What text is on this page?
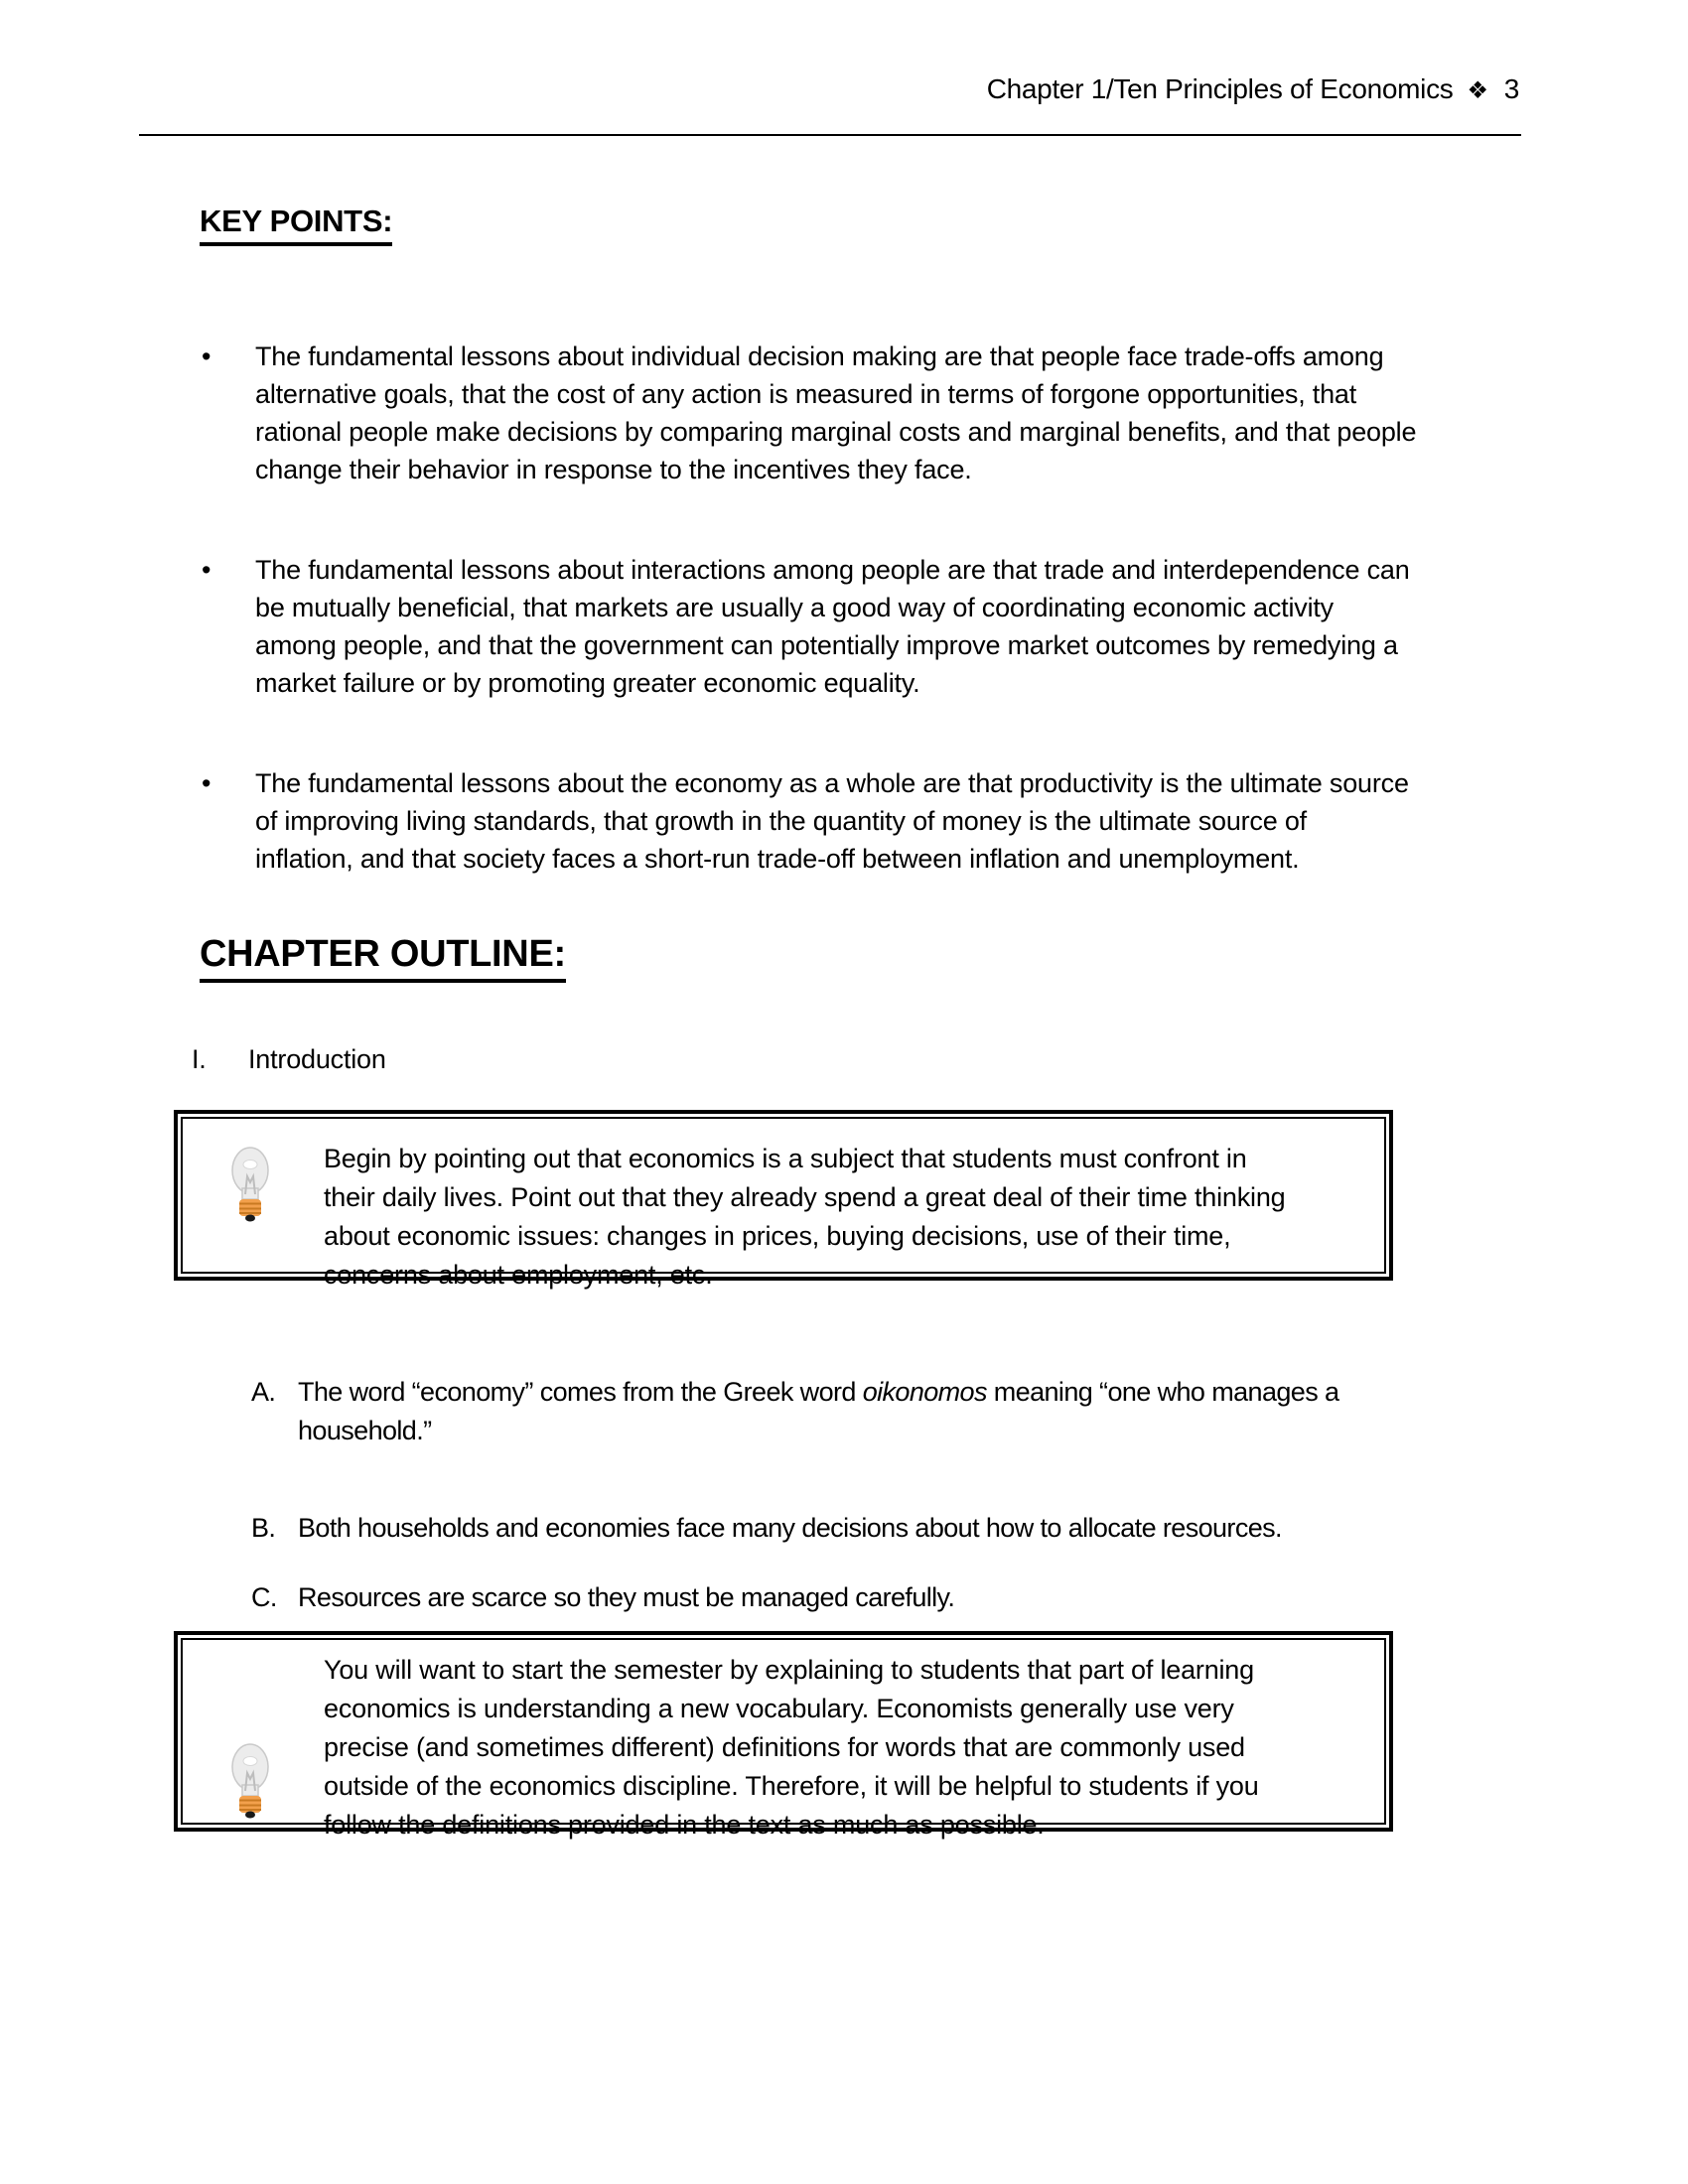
Chapter 1/Ten Principles of Economics ❖ 3
KEY POINTS:
•	The fundamental lessons about individual decision making are that people face trade-offs among
alternative goals, that the cost of any action is measured in terms of forgone opportunities, that
rational people make decisions by comparing marginal costs and marginal benefits, and that people
change their behavior in response to the incentives they face.
•	The fundamental lessons about interactions among people are that trade and interdependence can
be mutually beneficial, that markets are usually a good way of coordinating economic activity
among people, and that the government can potentially improve market outcomes by remedying a
market failure or by promoting greater economic equality.
•	The fundamental lessons about the economy as a whole are that productivity is the ultimate source
of improving living standards, that growth in the quantity of money is the ultimate source of
inflation, and that society faces a short-run trade-off between inflation and unemployment.
CHAPTER OUTLINE:
I.	Introduction
Begin by pointing out that economics is a subject that students must confront in
their daily lives. Point out that they already spend a great deal of their time thinking
about economic issues: changes in prices, buying decisions, use of their time,
concerns about employment, etc.
A. The word “economy” comes from the Greek word oikonomos meaning “one who manages a
household.”
B. Both households and economies face many decisions about how to allocate resources.
C. Resources are scarce so they must be managed carefully.
You will want to start the semester by explaining to students that part of learning
economics is understanding a new vocabulary. Economists generally use very
precise (and sometimes different) definitions for words that are commonly used
outside of the economics discipline. Therefore, it will be helpful to students if you
follow the definitions provided in the text as much as possible.
